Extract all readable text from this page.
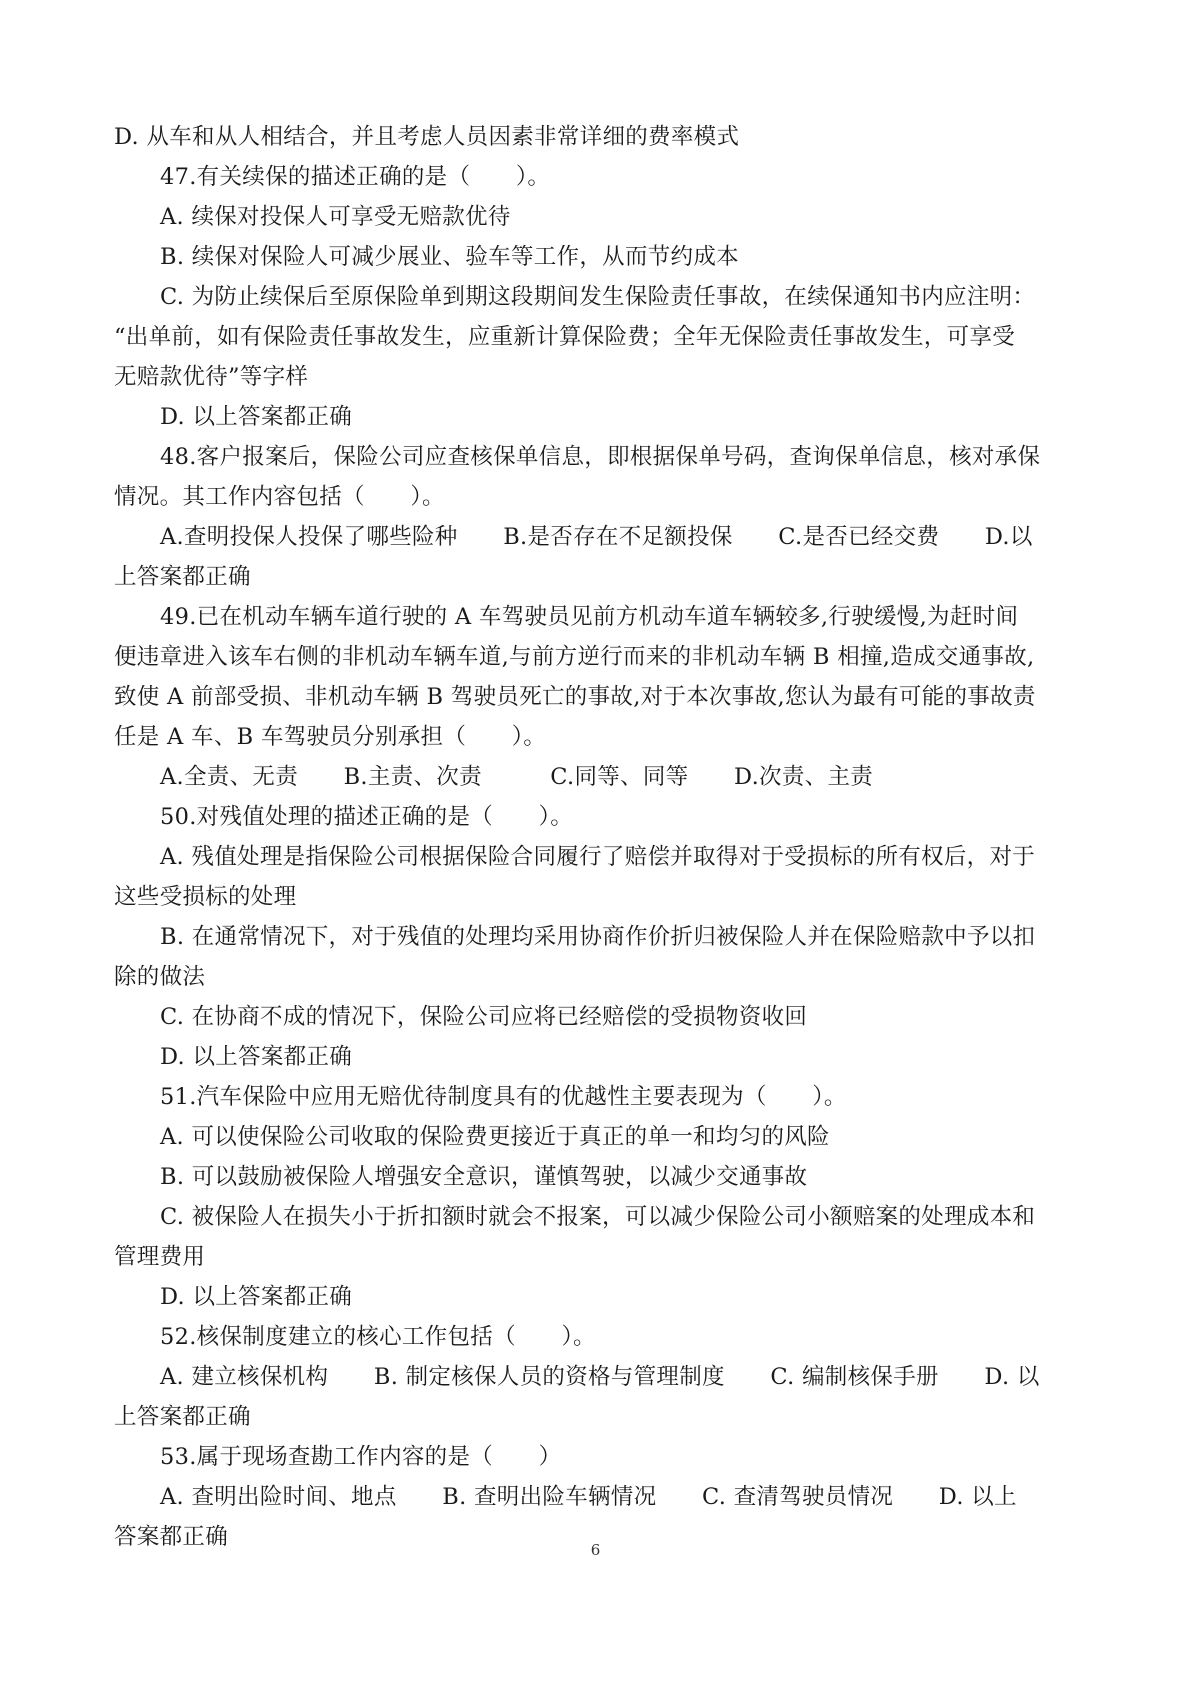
D. 从车和从人相结合，并且考虑人员因素非常详细的费率模式
47.有关续保的描述正确的是（　　）。
A. 续保对投保人可享受无赔款优待
B. 续保对保险人可减少展业、验车等工作，从而节约成本
C. 为防止续保后至原保险单到期这段期间发生保险责任事故，在续保通知书内应注明：
“出单前，如有保险责任事故发生，应重新计算保险费；全年无保险责任事故发生，可享受
无赔款优待”等字样
D. 以上答案都正确
48.客户报案后，保险公司应查核保单信息，即根据保单号码，查询保单信息，核对承保
情况。其工作内容包括（　　）。
A.查明投保人投保了哪些险种　　B.是否存在不足额投保　　C.是否已经交费　　D.以
上答案都正确
49.已在机动车辆车道行驶的 A 车驾驶员见前方机动车道车辆较多,行驶缓慢,为赶时间
便违章进入该车右侧的非机动车辆车道,与前方逆行而来的非机动车辆 B 相撞,造成交通事故,
致使 A 前部受损、非机动车辆 B 驾驶员死亡的事故,对于本次事故,您认为最有可能的事故责
任是 A 车、B 车驾驶员分别承担（　　）。
A.全责、无责　　B.主责、次责　　　C.同等、同等　　D.次责、主责
50.对残值处理的描述正确的是（　　）。
A. 残值处理是指保险公司根据保险合同履行了赔偿并取得对于受损标的所有权后，对于
这些受损标的处理
B. 在通常情况下，对于残值的处理均采用协商作价折归被保险人并在保险赔款中予以扣
除的做法
C. 在协商不成的情况下，保险公司应将已经赔偿的受损物资收回
D. 以上答案都正确
51.汽车保险中应用无赔优待制度具有的优越性主要表现为（　　）。
A. 可以使保险公司收取的保险费更接近于真正的单一和均匀的风险
B. 可以鼓励被保险人增强安全意识，谨慎驾驶，以减少交通事故
C. 被保险人在损失小于折扣额时就会不报案，可以减少保险公司小额赔案的处理成本和
管理费用
D. 以上答案都正确
52.核保制度建立的核心工作包括（　　）。
A. 建立核保机构　　B. 制定核保人员的资格与管理制度　　C. 编制核保手册　　D. 以
上答案都正确
53.属于现场查勘工作内容的是（　　）
A. 查明出险时间、地点　　B. 查明出险车辆情况　　C. 查清驾驶员情况　　D. 以上
答案都正确	6
